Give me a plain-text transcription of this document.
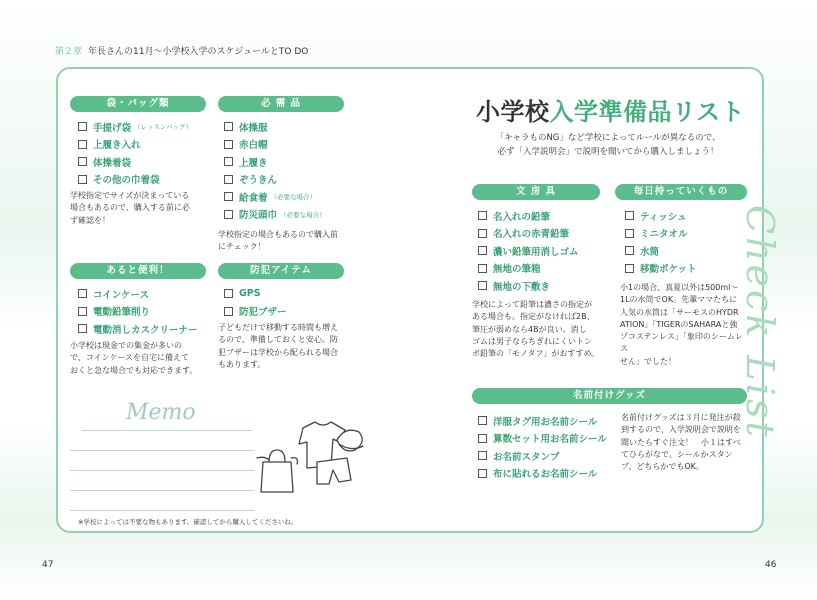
第２章 年長さんの11月〜小学校入学のスケジュールとTO DO
袋・バッグ類
手提げ袋 （レッスンバッグ）
上履き入れ
体操着袋
その他の巾着袋
学校指定でサイズが決まっている
場合もあるので、購入する前に必
ず確認を！
必 需 品
体操服
赤白帽
上履き
ぞうきん
給食着 （必要な場合）
防災頭巾 （必要な場合）
学校指定の場合もあるので購入前
にチェック！
あると便利！
コインケース
電動鉛筆削り
電動消しカスクリーナー
小学校は現金での集金が多いの
で、コインケースを自宅に備えて
おくと急な場合でも対応できます。
防犯アイテム
GPS
防犯ブザー
子どもだけで移動する時間も増え
るので、準備しておくと安心。防
犯ブザーは学校から配られる場合
もあります。
小学校入学準備品リスト
「キャラものNG」など学校によってルールが異なるので、
必ず「入学説明会」で説明を聞いてから購入しましょう！
文 房 具
名入れの鉛筆
名入れの赤青鉛筆
濃い鉛筆用消しゴム
無地の筆箱
無地の下敷き
学校によって鉛筆は濃さの指定が
ある場合も。指定がなければ2B、
筆圧が弱めなら4Bが良い。消し
ゴムは男子ならちぎれにくいトン
ボ鉛筆の「モノタフ」がおすすめ。
毎日持っていくもの
ティッシュ
ミニタオル
水筒
移動ポケット
小1の場合、真夏以外は500ml〜
1Lの水筒でOK。先輩ママたちに
人気の水筒は「サーモスのHYDR
ATION」「TIGERのSAHARAと強
ゾコステンレス」「象印のシームレス
せん」でした！
名前付けグッズ
洋服タグ用お名前シール
算数セット用お名前シール
お名前スタンプ
布に貼れるお名前シール
名前付けグッズは３月に発注が殺
到するので、入学説明会で説明を
聞いたらすぐ注文！　小１はすべ
てひらがなで。シールかスタン
プ、どちらかでもOK。
Memo	Check List
※学校によっては不要な物もあります。確認してから購入してくださいね。
47	46
